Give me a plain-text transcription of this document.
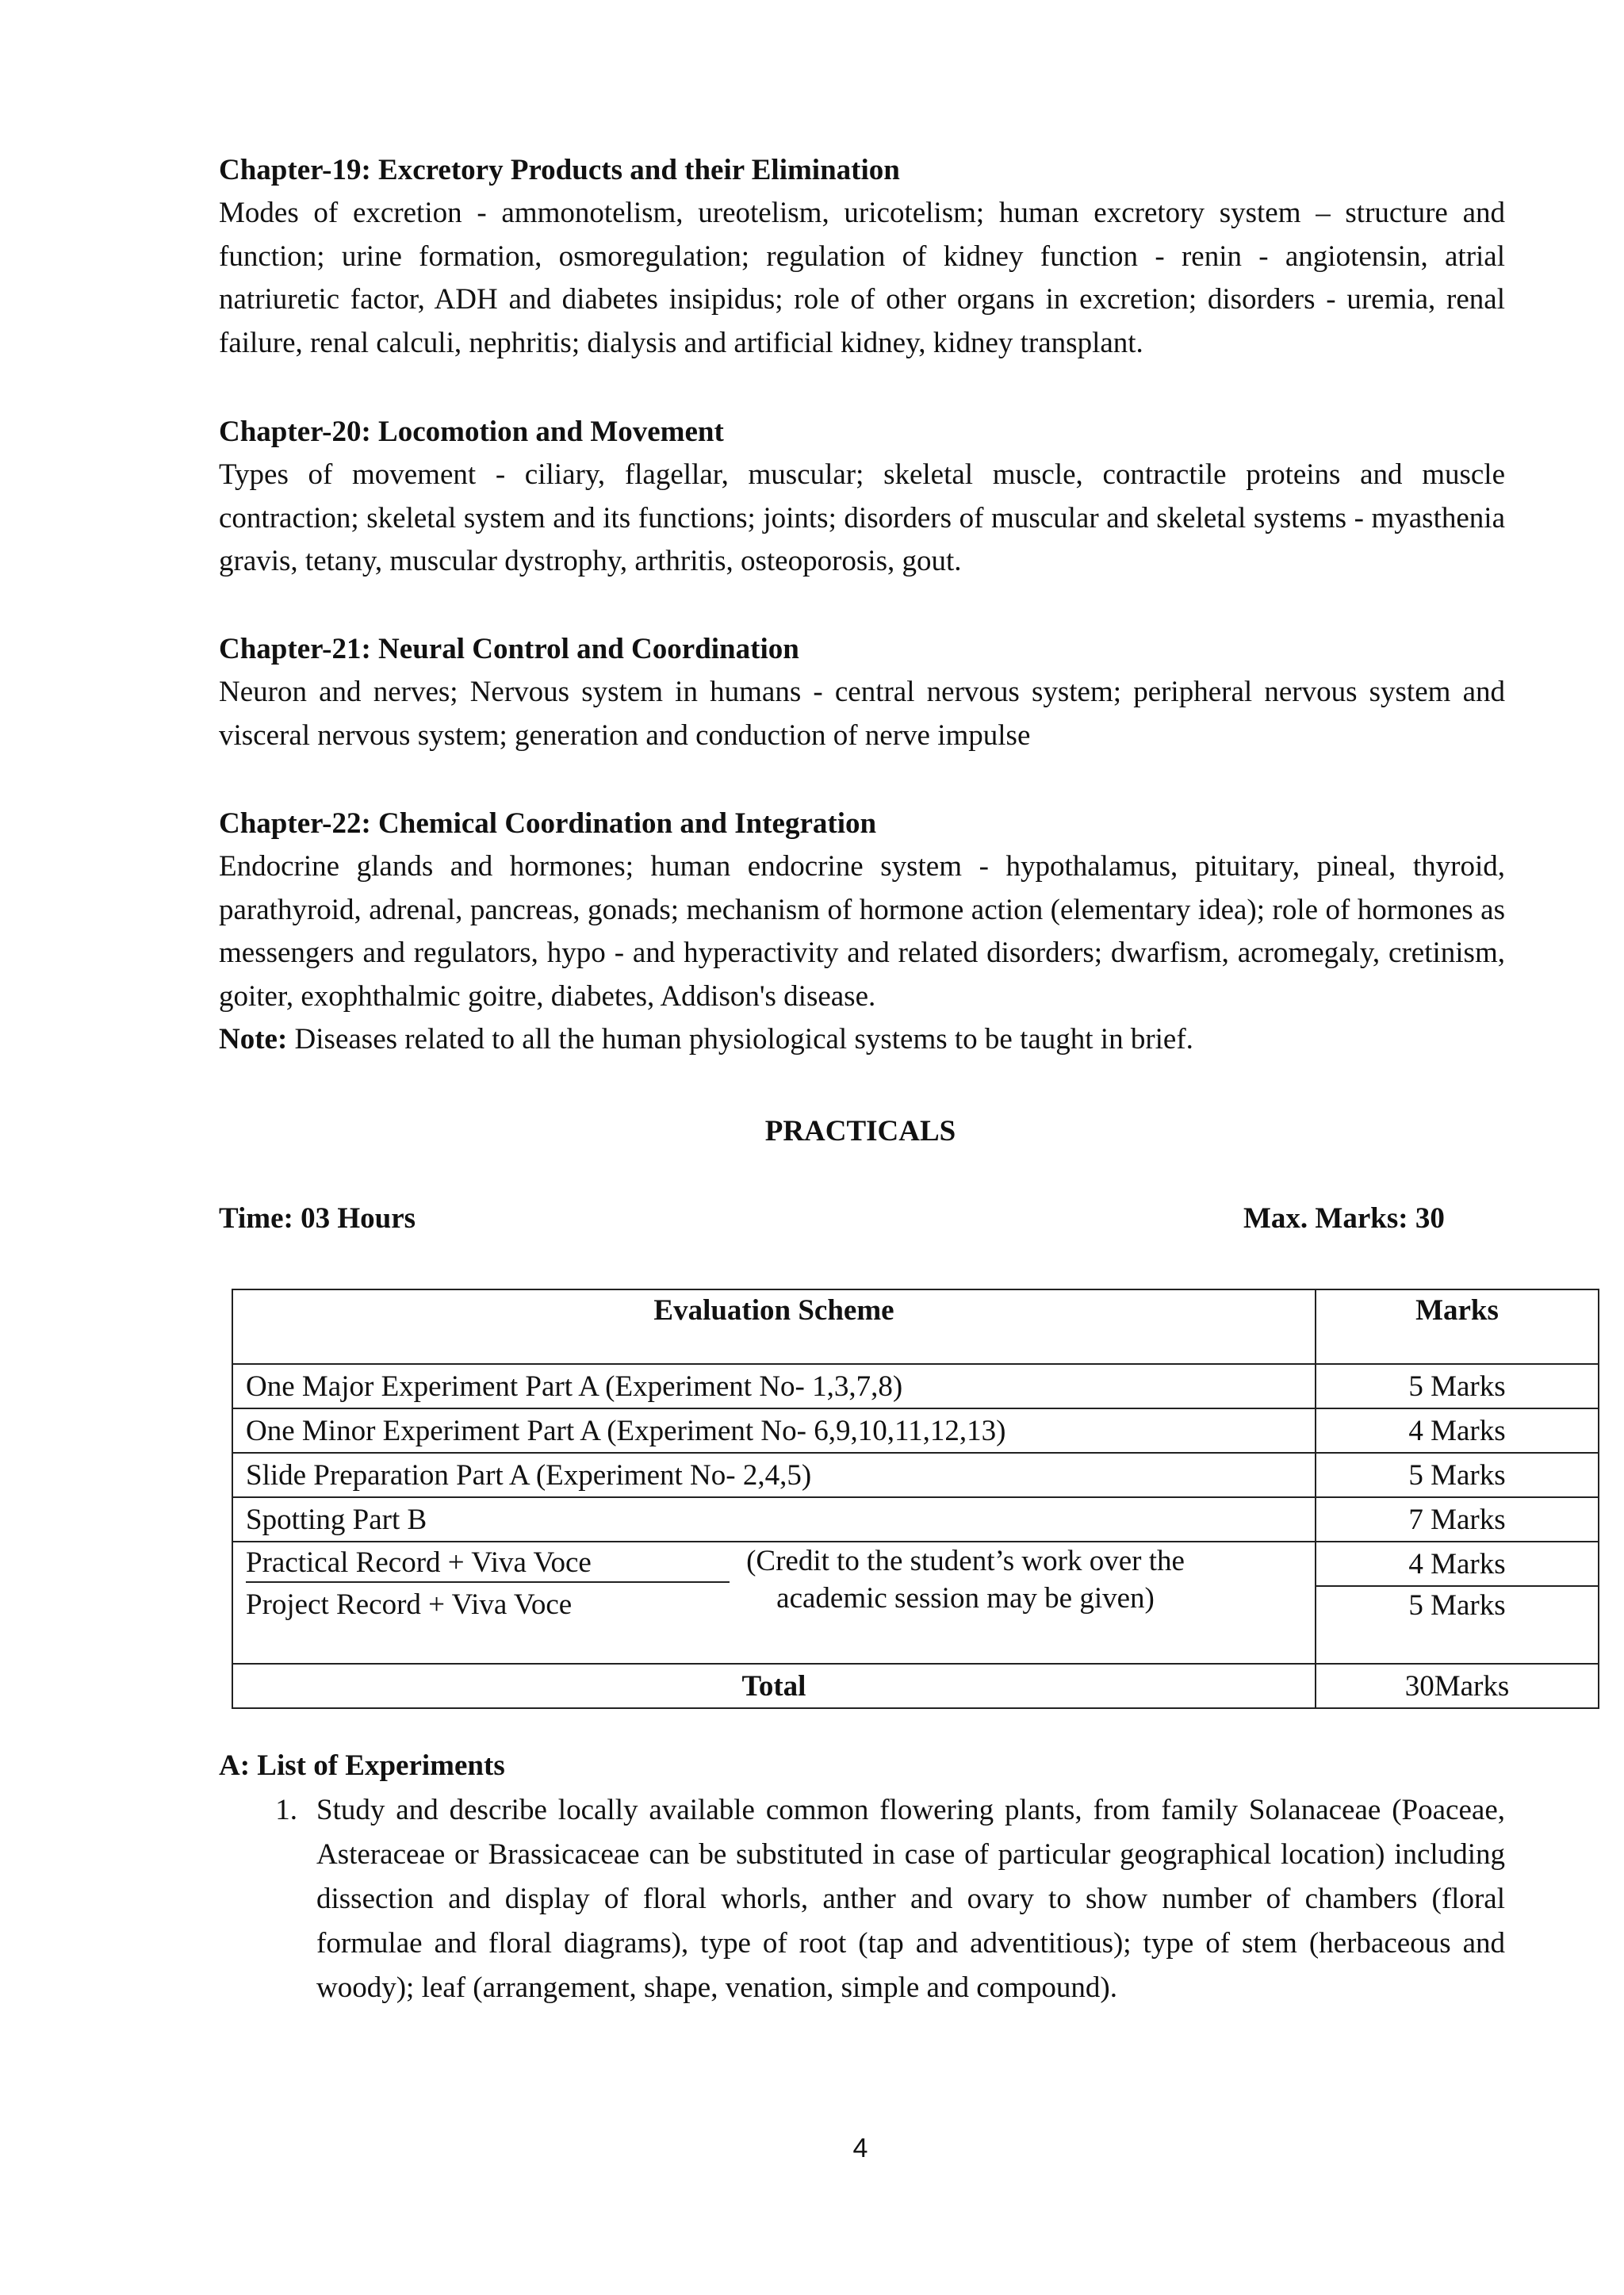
Chapter-19: Excretory Products and their Elimination

Modes of excretion - ammonotelism, ureotelism, uricotelism; human excretory system – structure and function; urine formation, osmoregulation; regulation of kidney function - renin - angiotensin, atrial natriuretic factor, ADH and diabetes insipidus; role of other organs in excretion; disorders - uremia, renal failure, renal calculi, nephritis; dialysis and artificial kidney, kidney transplant.

Chapter-20: Locomotion and Movement

Types of movement - ciliary, flagellar, muscular; skeletal muscle, contractile proteins and muscle contraction; skeletal system and its functions; joints; disorders of muscular and skeletal systems - myasthenia gravis, tetany, muscular dystrophy, arthritis, osteoporosis, gout.

Chapter-21: Neural Control and Coordination

Neuron and nerves; Nervous system in humans - central nervous system; peripheral nervous system and visceral nervous system; generation and conduction of nerve impulse

Chapter-22: Chemical Coordination and Integration

Endocrine glands and hormones; human endocrine system - hypothalamus, pituitary, pineal, thyroid, parathyroid, adrenal, pancreas, gonads; mechanism of hormone action (elementary idea); role of hormones as messengers and regulators, hypo - and hyperactivity and related disorders; dwarfism, acromegaly, cretinism, goiter, exophthalmic goitre, diabetes, Addison's disease.

Note: Diseases related to all the human physiological systems to be taught in brief.

PRACTICALS
Time: 03 Hours	Max. Marks: 30
Evaluation Scheme	Marks
One Major Experiment Part A (Experiment No- 1,3,7,8)	5 Marks
One Minor Experiment Part A (Experiment No- 6,9,10,11,12,13)	4 Marks
Slide Preparation Part A (Experiment No- 2,4,5)	5 Marks
Spotting Part B	7 Marks
Practical Record + Viva Voce	4 Marks
Project Record + Viva Voce	5 Marks
Total	30Marks
(Credit to the student’s work over the academic session may be given)
A: List of Experiments
1. Study and describe locally available common flowering plants, from family Solanaceae (Poaceae, Asteraceae or Brassicaceae can be substituted in case of particular geographical location) including dissection and display of floral whorls, anther and ovary to show number of chambers (floral formulae and floral diagrams), type of root (tap and adventitious); type of stem (herbaceous and woody); leaf (arrangement, shape, venation, simple and compound).
4
